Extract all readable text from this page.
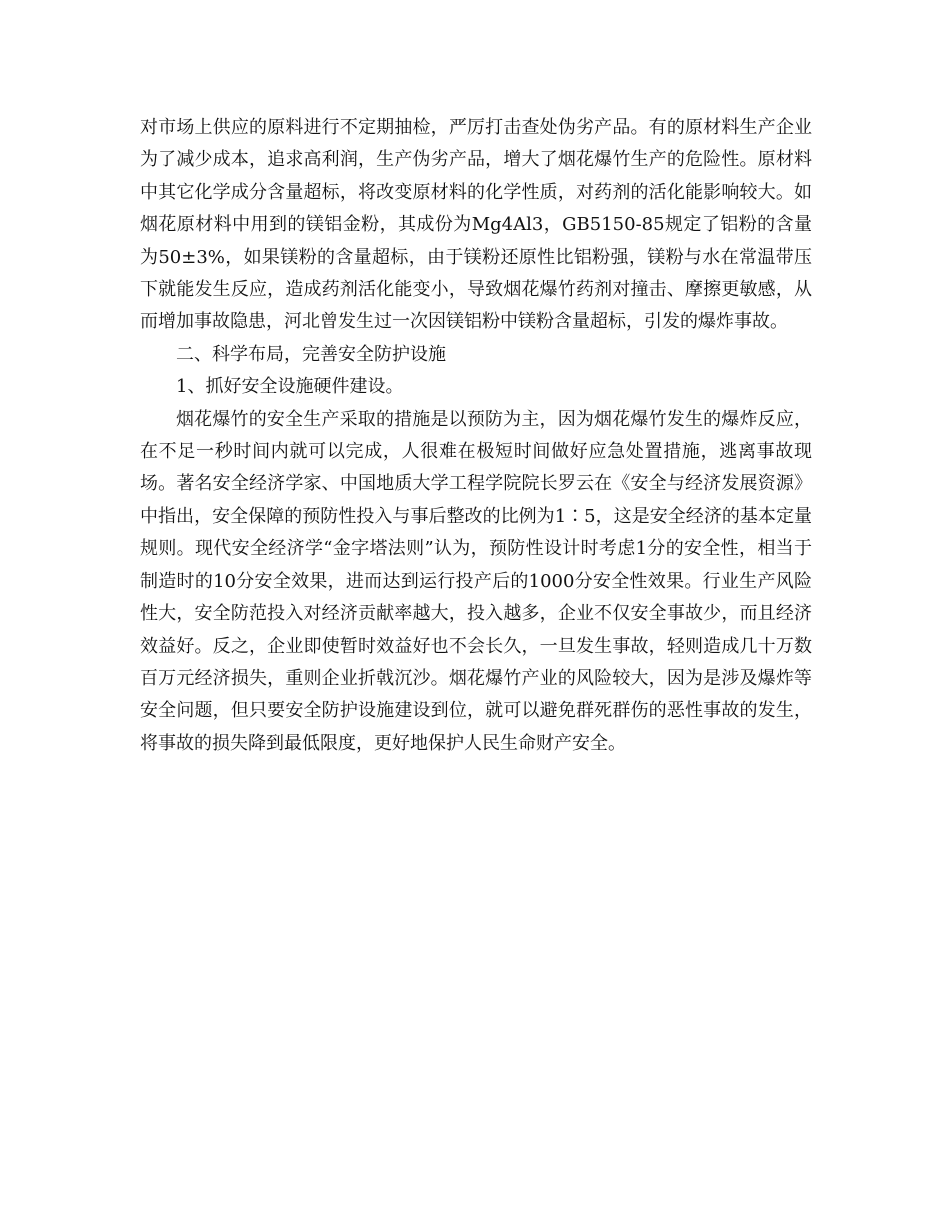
对市场上供应的原料进行不定期抽检，严厉打击查处伪劣产品。有的原材料生产企业为了减少成本，追求高利润，生产伪劣产品，增大了烟花爆竹生产的危险性。原材料中其它化学成分含量超标，将改变原材料的化学性质，对药剂的活化能影响较大。如烟花原材料中用到的镁铝金粉，其成份为Mg4Al3，GB5150-85规定了铝粉的含量为50±3%，如果镁粉的含量超标，由于镁粉还原性比铝粉强，镁粉与水在常温带压下就能发生反应，造成药剂活化能变小，导致烟花爆竹药剂对撞击、摩擦更敏感，从而增加事故隐患，河北曾发生过一次因镁铝粉中镁粉含量超标，引发的爆炸事故。

二、科学布局，完善安全防护设施

1、抓好安全设施硬件建设。

烟花爆竹的安全生产采取的措施是以预防为主，因为烟花爆竹发生的爆炸反应，在不足一秒时间内就可以完成，人很难在极短时间做好应急处置措施，逃离事故现场。著名安全经济学家、中国地质大学工程学院院长罗云在《安全与经济发展资源》中指出，安全保障的预防性投入与事后整改的比例为1∶5，这是安全经济的基本定量规则。现代安全经济学“金字塔法则”认为，预防性设计时考虑1分的安全性，相当于制造时的10分安全效果，进而达到运行投产后的1000分安全性效果。行业生产风险性大，安全防范投入对经济贡献率越大，投入越多，企业不仅安全事故少，而且经济效益好。反之，企业即使暂时效益好也不会长久，一旦发生事故，轻则造成几十万数百万元经济损失，重则企业折戟沉沙。烟花爆竹产业的风险较大，因为是涉及爆炸等安全问题，但只要安全防护设施建设到位，就可以避免群死群伤的恶性事故的发生，将事故的损失降到最低限度，更好地保护人民生命财产安全。
